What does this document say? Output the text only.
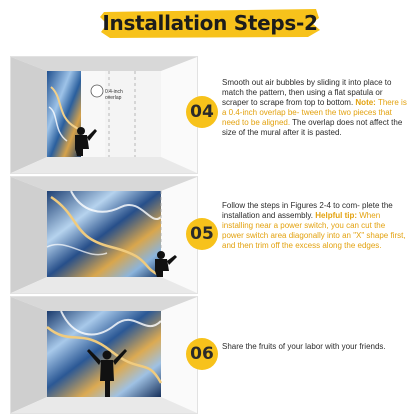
Installation Steps-2
0.4-inch overlap
04

Smooth out air bubbles by sliding it into place to match the pattern, then using a flat spatula or scraper to scrape from top to bottom. Note: There is a 0.4-inch overlap be- tween the two pieces that need to be aligned. The overlap does not affect the size of the mural after it is pasted.

05

Follow the steps in Figures 2-4 to com- plete the installation and assembly. Helpful tip: When installing near a power switch, you can cut the power switch area diagonally into an "X" shape first, and then trim off the excess along the edges.

06	Share the fruits of your labor with your friends.
